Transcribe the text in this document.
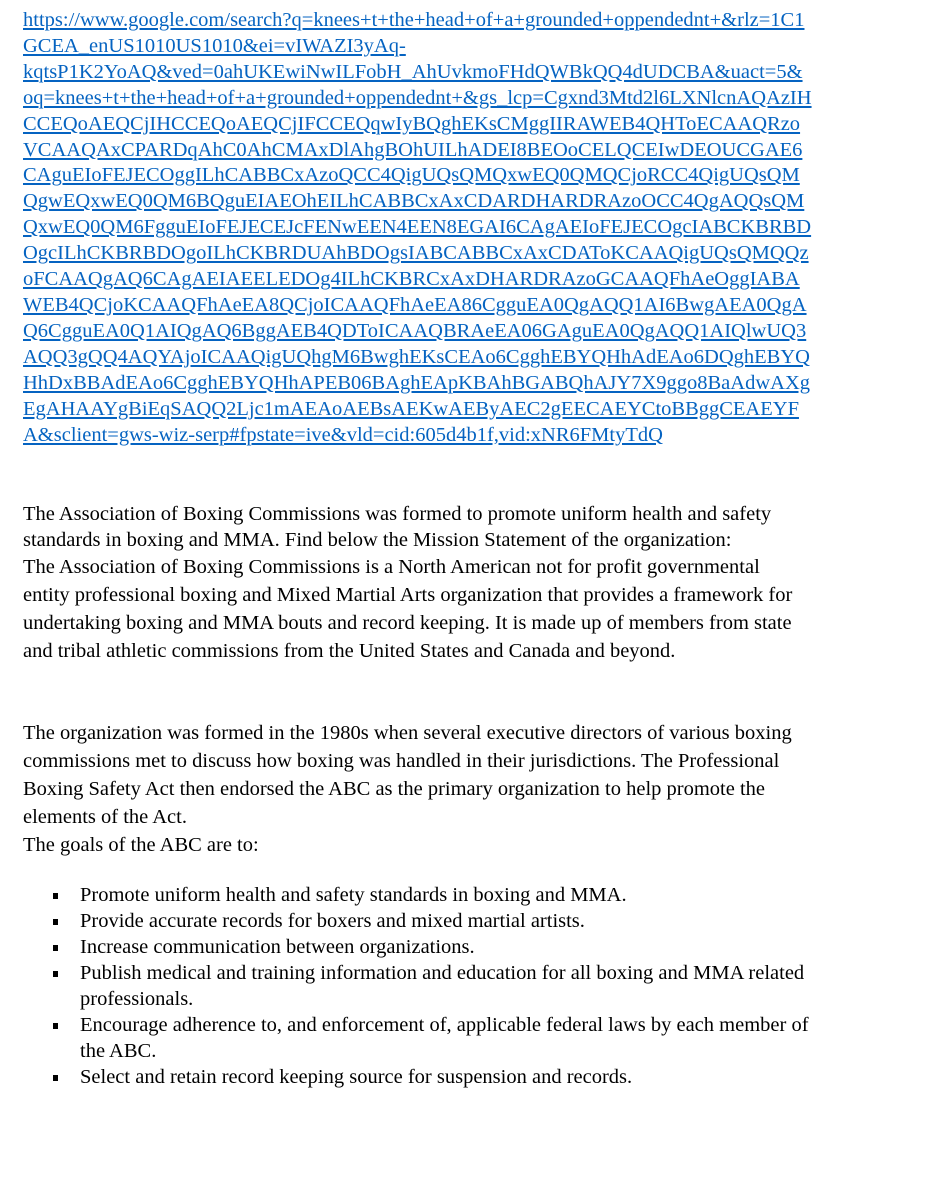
https://www.google.com/search?q=knees+t+the+head+of+a+grounded+oppendednt+&rlz=1C1
GCEA_enUS1010US1010&ei=vIWAZI3yAq-
kqtsP1K2YoAQ&ved=0ahUKEwiNwILFobH_AhUvkmoFHdQWBkQQ4dUDCBA&uact=5&
oq=knees+t+the+head+of+a+grounded+oppendednt+&gs_lcp=Cgxnd3Mtd2l6LXNlcnAQAzIH
CCEQoAEQCjIHCCEQoAEQCjIFCCEQqwIyBQghEKsCMggIIRAWEB4QHToECAAQRzo
VCAAQAxCPARDqAhC0AhCMAxDlAhgBOhUILhADEI8BEOoCELQCEIwDEOUCGAE6
CAguEIoFEJECOggILhCABBCxAzoQCC4QigUQsQMQxwEQ0QMQCjoRCC4QigUQsQM
QgwEQxwEQ0QM6BQguEIAEOhEILhCABBCxAxCDARDHARDRAzoOCC4QgAQQsQM
QxwEQ0QM6FgguEIoFEJECEJcFENwEEN4EEN8EGAI6CAgAEIoFEJECOgcIABCKBRBD
OgcILhCKBRBDOgoILhCKBRDUAhBDOgsIABCABBCxAxCDAToKCAAQigUQsQMQQz
oFCAAQgAQ6CAgAEIAEELEDOg4ILhCKBRCxAxDHARDRAzoGCAAQFhAeOggIABA
WEB4QCjoKCAAQFhAeEA8QCjoICAAQFhAeEA86CgguEA0QgAQQ1AI6BwgAEA0QgA
Q6CgguEA0Q1AIQgAQ6BggAEB4QDToICAAQBRAeEA06GAguEA0QgAQQ1AIQlwUQ3
AQQ3gQQ4AQYAjoICAAQigUQhgM6BwghEKsCEAo6CgghEBYQHhAdEAo6DQghEBYQ
HhDxBBAdEAo6CgghEBYQHhAPEB06BAghEApKBAhBGABQhAJY7X9ggo8BaAdwAXg
EgAHAAYgBiEqSAQQ2Ljc1mAEAoAEBsAEKwAEByAEC2gEECAEYCtoBBggCEAEYF
A&sclient=gws-wiz-serp#fpstate=ive&vld=cid:605d4b1f,vid:xNR6FMtyTdQ

The Association of Boxing Commissions was formed to promote uniform health and safety
standards in boxing and MMA. Find below the Mission Statement of the organization:
The Association of Boxing Commissions is a North American not for profit governmental
entity professional boxing and Mixed Martial Arts organization that provides a framework for
undertaking boxing and MMA bouts and record keeping. It is made up of members from state
and tribal athletic commissions from the United States and Canada and beyond.

The organization was formed in the 1980s when several executive directors of various boxing
commissions met to discuss how boxing was handled in their jurisdictions. The Professional
Boxing Safety Act then endorsed the ABC as the primary organization to help promote the
elements of the Act.
The goals of the ABC are to:

Promote uniform health and safety standards in boxing and MMA.
Provide accurate records for boxers and mixed martial artists.
Increase communication between organizations.
Publish medical and training information and education for all boxing and MMA related
professionals.
Encourage adherence to, and enforcement of, applicable federal laws by each member of
the ABC.
Select and retain record keeping source for suspension and records.
